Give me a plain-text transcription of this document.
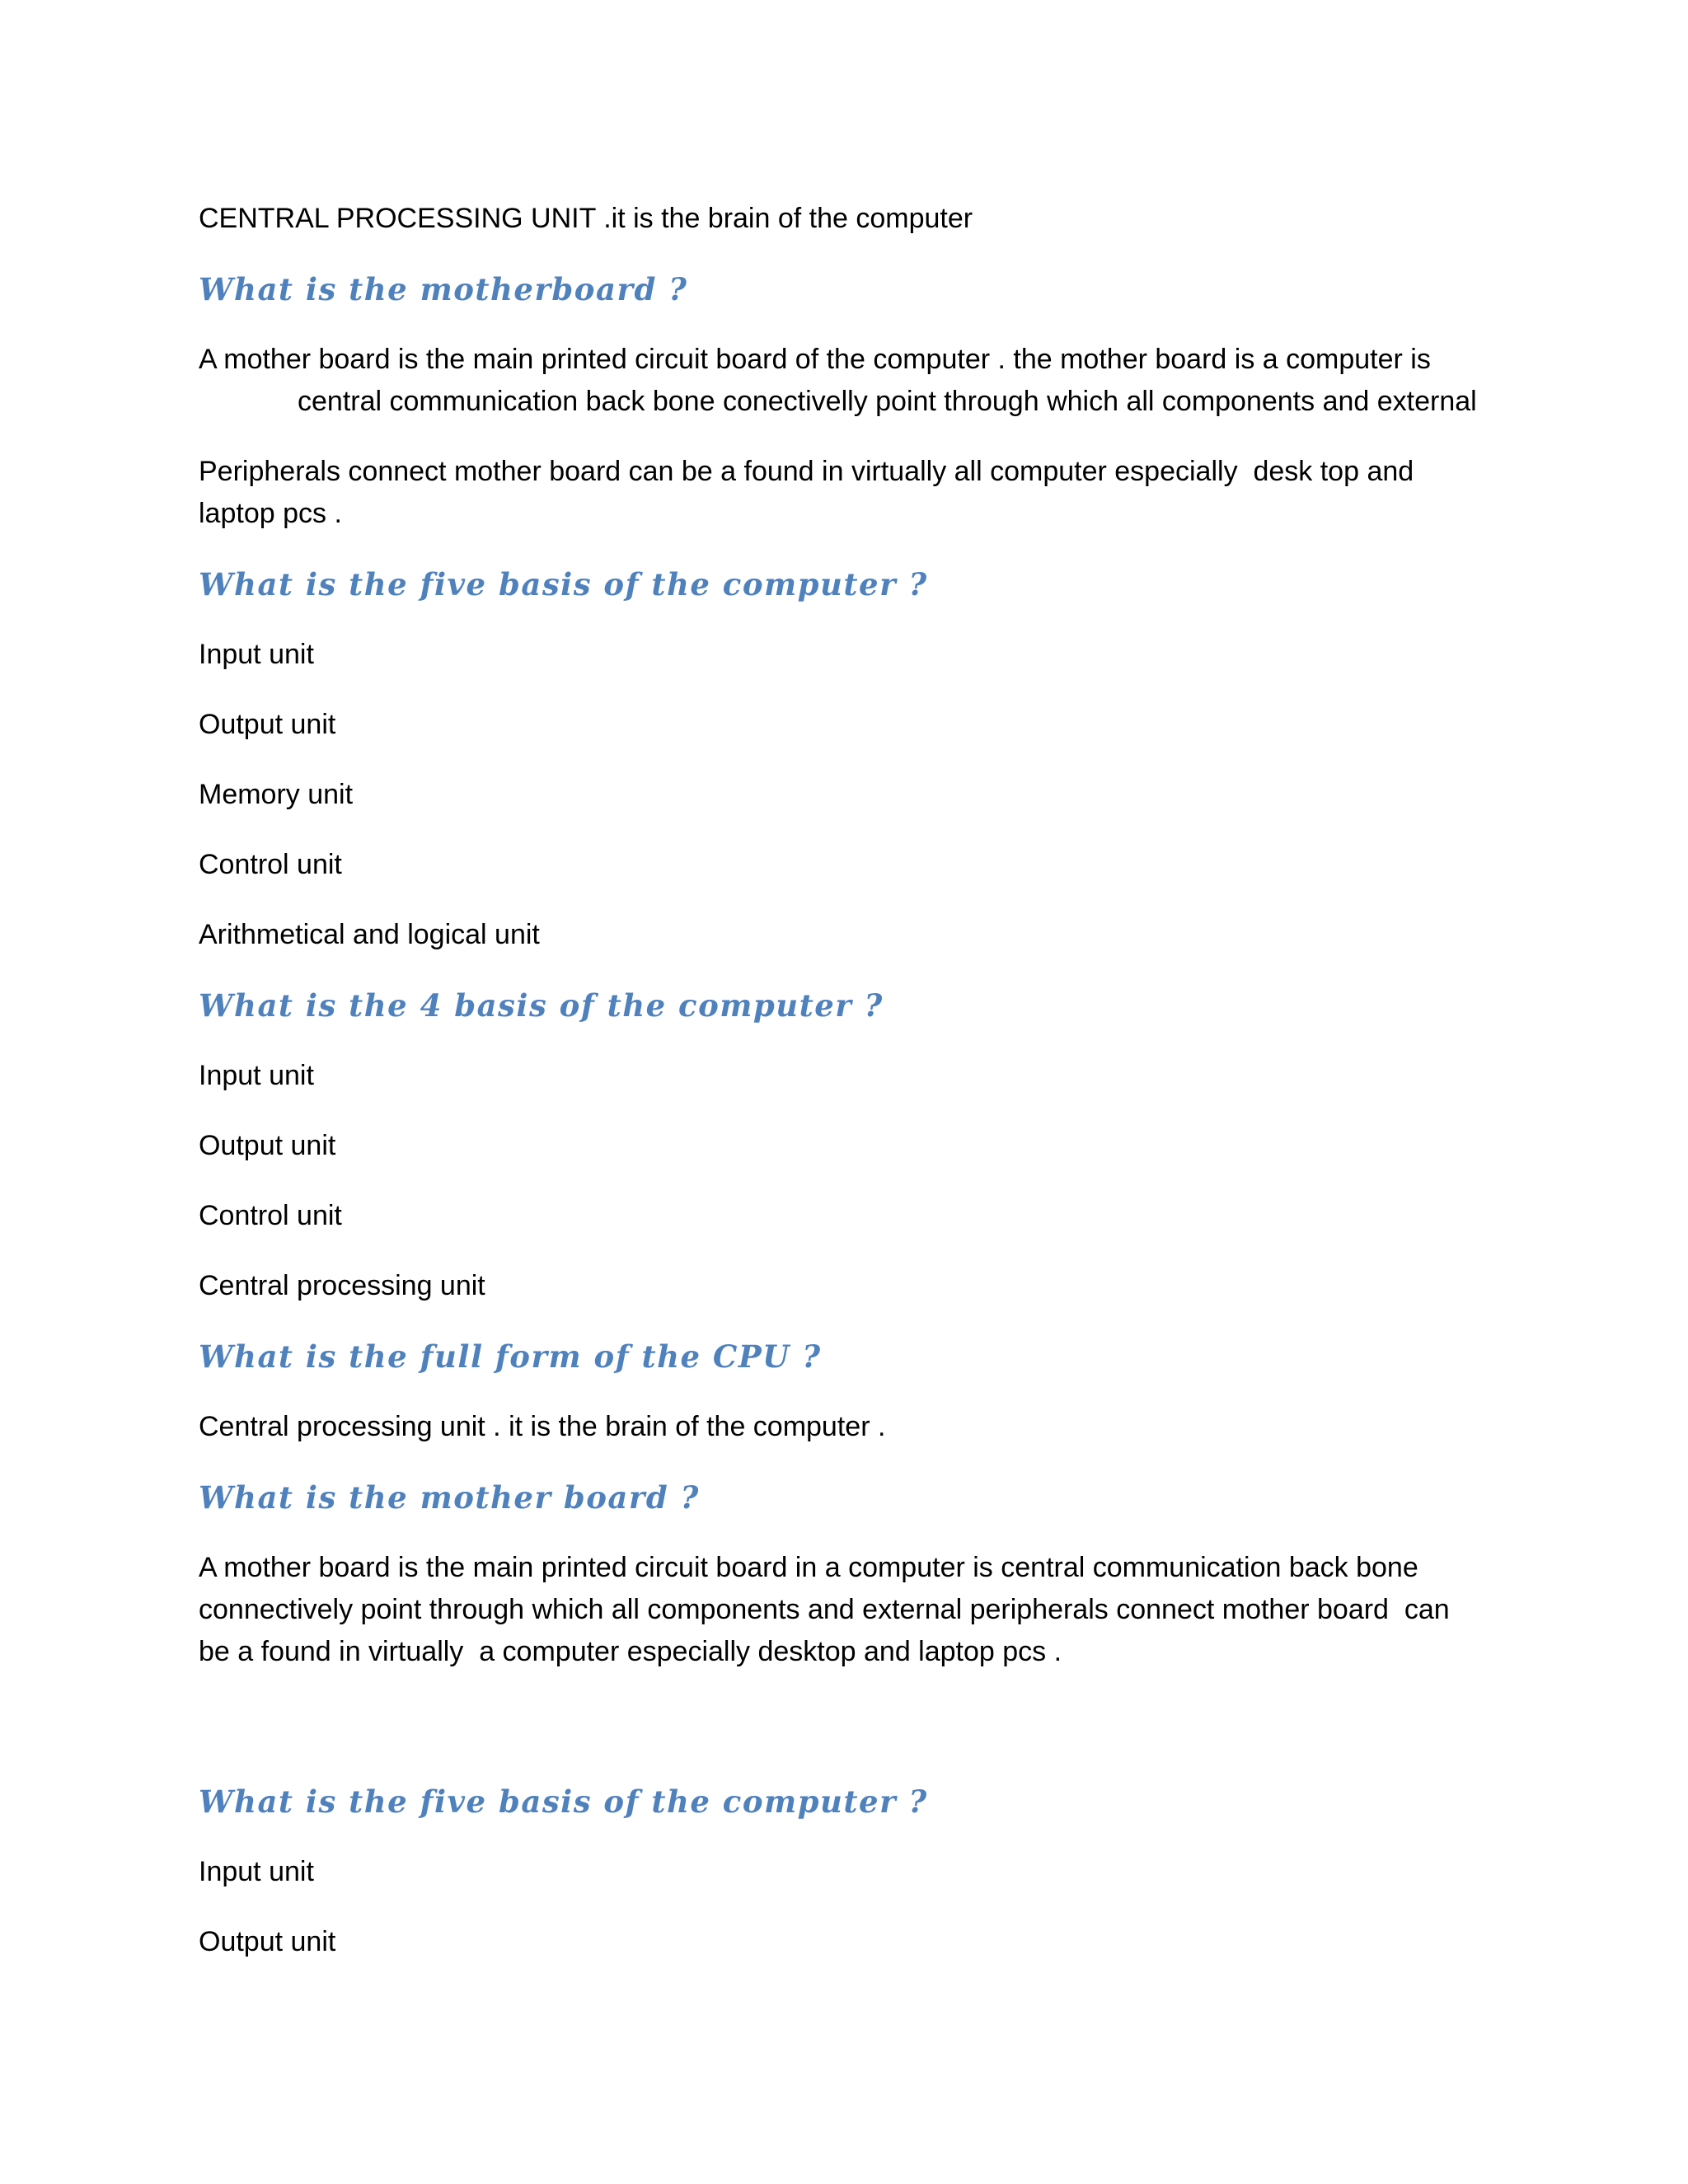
CENTRAL PROCESSING UNIT .it is the brain of the computer

What is the motherboard ?

A mother board is the main printed circuit board of the computer . the mother board is a computer is central communication back bone conectivelly point through which all components and external

Peripherals connect mother board can be a found in virtually all computer especially  desk top and laptop pcs .

What is the five basis of the computer ?

Input unit

Output unit

Memory unit

Control unit

Arithmetical and logical unit

What is the 4 basis of the computer ?

Input unit

Output unit

Control unit

Central processing unit

What is the full form of the CPU ?

Central processing unit . it is the brain of the computer .

What is the mother board ?

A mother board is the main printed circuit board in a computer is central communication back bone connectively point through which all components and external peripherals connect mother board  can be a found in virtually  a computer especially desktop and laptop pcs .

What is the five basis of the computer ?

Input unit

Output unit
